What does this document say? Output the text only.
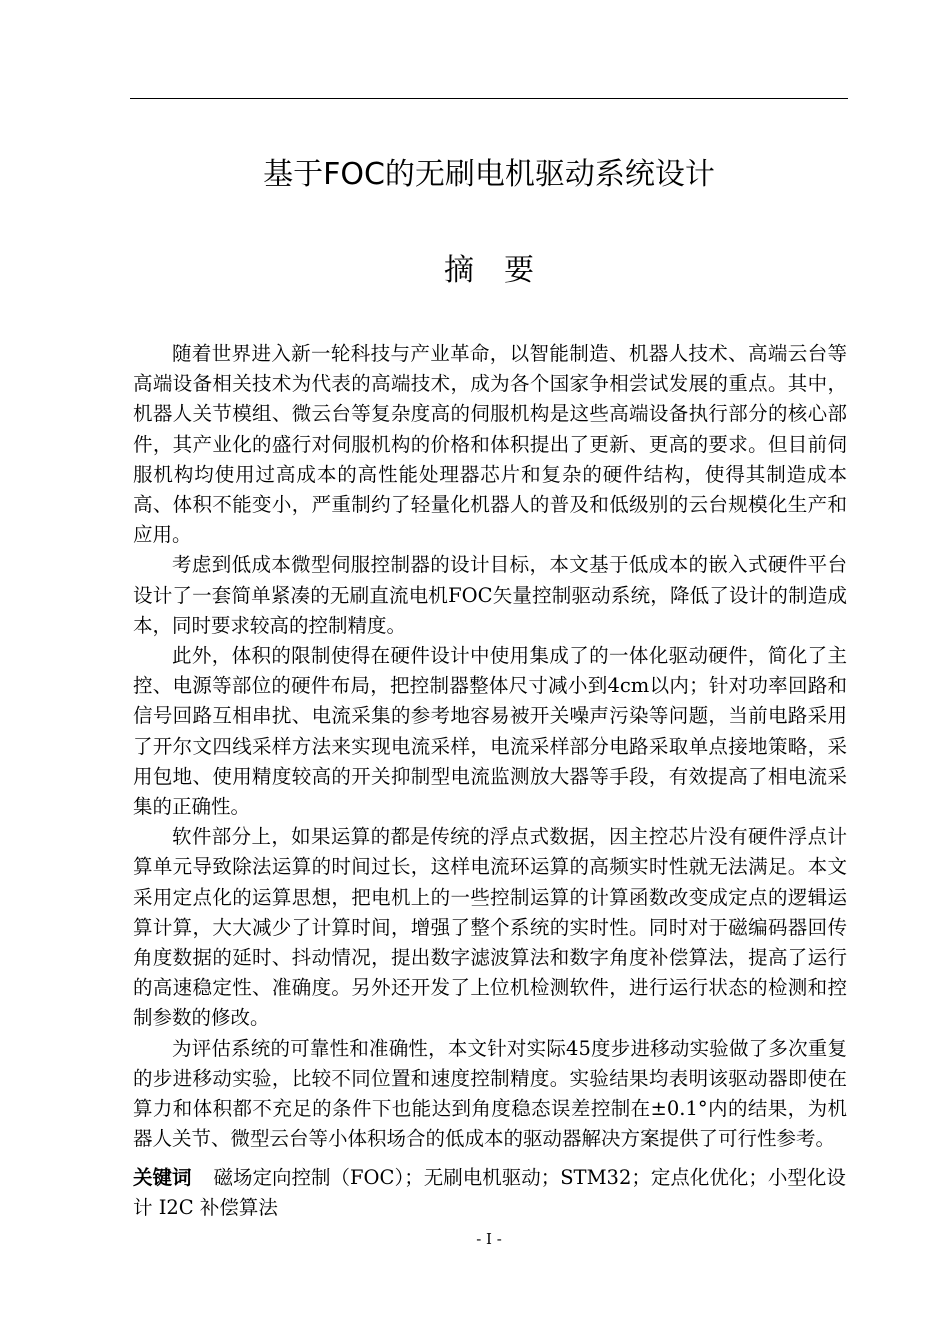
基于FOC的无刷电机驱动系统设计
摘要

随着世界进入新一轮科技与产业革命，以智能制造、机器人技术、高端云台等高端设备相关技术为代表的高端技术，成为各个国家争相尝试发展的重点。其中，机器人关节模组、微云台等复杂度高的伺服机构是这些高端设备执行部分的核心部件，其产业化的盛行对伺服机构的价格和体积提出了更新、更高的要求。但目前伺服机构均使用过高成本的高性能处理器芯片和复杂的硬件结构，使得其制造成本高、体积不能变小，严重制约了轻量化机器人的普及和低级别的云台规模化生产和应用。

考虑到低成本微型伺服控制器的设计目标，本文基于低成本的嵌入式硬件平台设计了一套简单紧凑的无刷直流电机FOC矢量控制驱动系统，降低了设计的制造成本，同时要求较高的控制精度。

此外，体积的限制使得在硬件设计中使用集成了的一体化驱动硬件，简化了主控、电源等部位的硬件布局，把控制器整体尺寸减小到4cm以内；针对功率回路和信号回路互相串扰、电流采集的参考地容易被开关噪声污染等问题，当前电路采用了开尔文四线采样方法来实现电流采样，电流采样部分电路采取单点接地策略，采用包地、使用精度较高的开关抑制型电流监测放大器等手段，有效提高了相电流采集的正确性。

软件部分上，如果运算的都是传统的浮点式数据，因主控芯片没有硬件浮点计算单元导致除法运算的时间过长，这样电流环运算的高频实时性就无法满足。本文采用定点化的运算思想，把电机上的一些控制运算的计算函数改变成定点的逻辑运算计算，大大减少了计算时间，增强了整个系统的实时性。同时对于磁编码器回传角度数据的延时、抖动情况，提出数字滤波算法和数字角度补偿算法，提高了运行的高速稳定性、准确度。另外还开发了上位机检测软件，进行运行状态的检测和控制参数的修改。

为评估系统的可靠性和准确性，本文针对实际45度步进移动实验做了多次重复的步进移动实验，比较不同位置和速度控制精度。实验结果均表明该驱动器即使在算力和体积都不充足的条件下也能达到角度稳态误差控制在±0.1°内的结果，为机器人关节、微型云台等小体积场合的低成本的驱动器解决方案提供了可行性参考。

关键词 磁场定向控制（FOC）；无刷电机驱动；STM32；定点化优化；小型化设计 I2C 补偿算法
- I -
